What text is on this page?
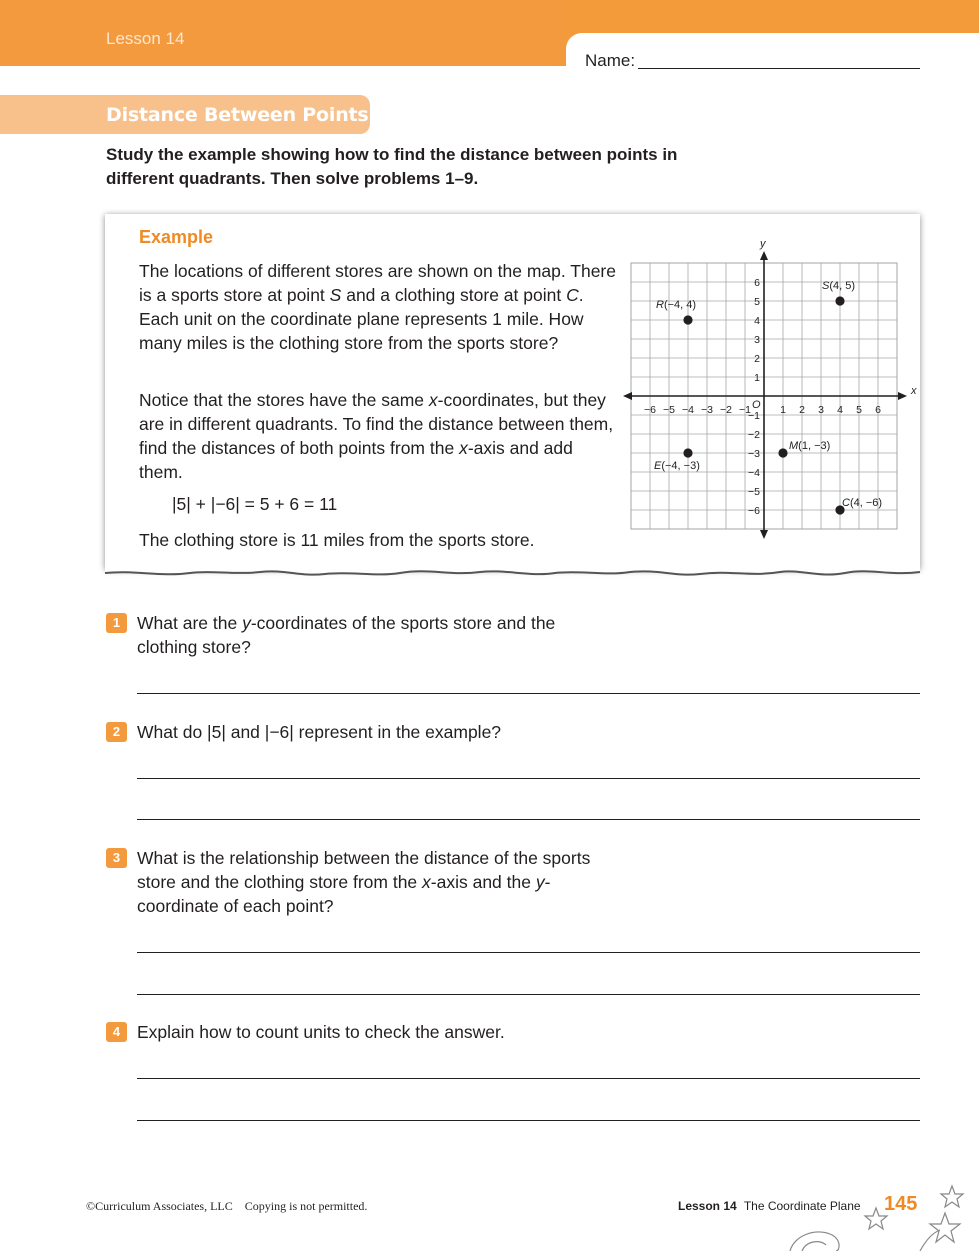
Lesson 14
Name:
Distance Between Points
Study the example showing how to find the distance between points in different quadrants. Then solve problems 1–9.
Example
The locations of different stores are shown on the map. There is a sports store at point S and a clothing store at point C. Each unit on the coordinate plane represents 1 mile. How many miles is the clothing store from the sports store?
Notice that the stores have the same x-coordinates, but they are in different quadrants. To find the distance between them, find the distances of both points from the x-axis and add them.
|5| + |−6| = 5 + 6 = 11
The clothing store is 11 miles from the sports store.
x
y
O
−6 −5 −4 −3 −2 −1	1 2 3 4 5 6
6
5
4
3
2
1
−1
−2
−3
−4
−5
−6
S(4, 5)
R(−4, 4)
M(1, −3)
E(−4, −3)
C(4, −6)
1 What are the y-coordinates of the sports store and the clothing store?
2 What do |5| and |−6| represent in the example?
3 What is the relationship between the distance of the sports store and the clothing store from the x-axis and the y-coordinate of each point?
4 Explain how to count units to check the answer.
©Curriculum Associates, LLC    Copying is not permitted.	Lesson 14 The Coordinate Plane 145
